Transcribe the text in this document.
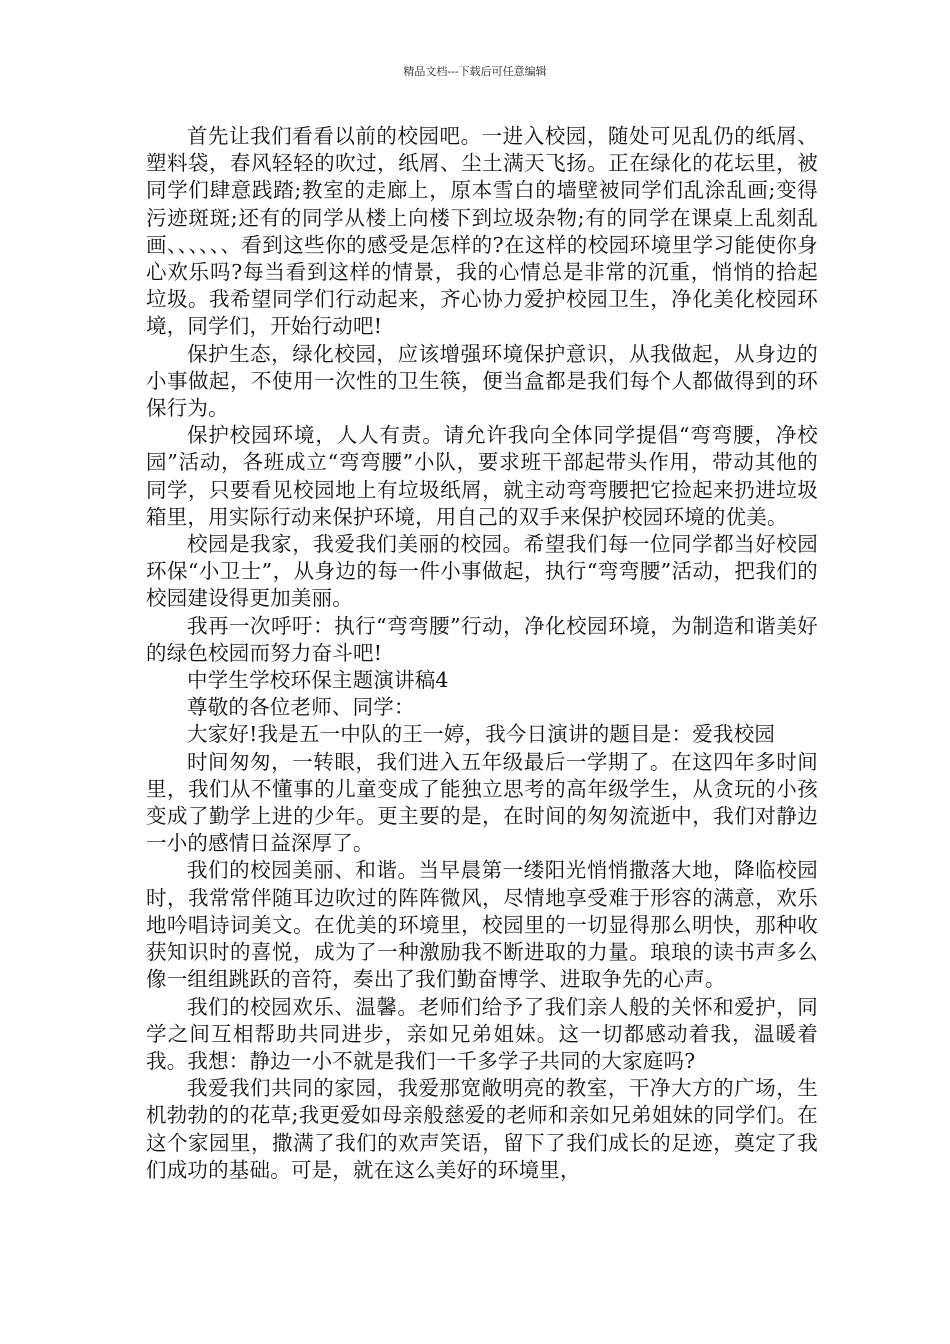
精品文档---下载后可任意编辑

首先让我们看看以前的校园吧。一进入校园，随处可见乱仍的纸屑、塑料袋，春风轻轻的吹过，纸屑、尘土满天飞扬。正在绿化的花坛里，被同学们肆意践踏;教室的走廊上，原本雪白的墙壁被同学们乱涂乱画;变得污迹斑斑;还有的同学从楼上向楼下到垃圾杂物;有的同学在课桌上乱刻乱画、、、、、、看到这些你的感受是怎样的?在这样的校园环境里学习能使你身心欢乐吗?每当看到这样的情景，我的心情总是非常的沉重，悄悄的拾起垃圾。我希望同学们行动起来，齐心协力爱护校园卫生，净化美化校园环境，同学们，开始行动吧!

保护生态，绿化校园，应该增强环境保护意识，从我做起，从身边的小事做起，不使用一次性的卫生筷，便当盒都是我们每个人都做得到的环保行为。

保护校园环境，人人有责。请允许我向全体同学提倡“弯弯腰，净校园”活动，各班成立“弯弯腰”小队，要求班干部起带头作用，带动其他的同学，只要看见校园地上有垃圾纸屑，就主动弯弯腰把它捡起来扔进垃圾箱里，用实际行动来保护环境，用自己的双手来保护校园环境的优美。

校园是我家，我爱我们美丽的校园。希望我们每一位同学都当好校园环保“小卫士”，从身边的每一件小事做起，执行“弯弯腰”活动，把我们的校园建设得更加美丽。

我再一次呼吁：执行“弯弯腰”行动，净化校园环境，为制造和谐美好的绿色校园而努力奋斗吧!

中学生学校环保主题演讲稿4

尊敬的各位老师、同学：

大家好!我是五一中队的王一婷，我今日演讲的题目是：爱我校园

时间匆匆，一转眼，我们进入五年级最后一学期了。在这四年多时间里，我们从不懂事的儿童变成了能独立思考的高年级学生，从贪玩的小孩变成了勤学上进的少年。更主要的是，在时间的匆匆流逝中，我们对静边一小的感情日益深厚了。

我们的校园美丽、和谐。当早晨第一缕阳光悄悄撒落大地，降临校园时，我常常伴随耳边吹过的阵阵微风，尽情地享受难于形容的满意，欢乐地吟唱诗词美文。在优美的环境里，校园里的一切显得那么明快，那种收获知识时的喜悦，成为了一种激励我不断进取的力量。琅琅的读书声多么像一组组跳跃的音符，奏出了我们勤奋博学、进取争先的心声。

我们的校园欢乐、温馨。老师们给予了我们亲人般的关怀和爱护，同学之间互相帮助共同进步，亲如兄弟姐妹。这一切都感动着我，温暖着我。我想：静边一小不就是我们一千多学子共同的大家庭吗?

我爱我们共同的家园，我爱那宽敞明亮的教室，干净大方的广场，生机勃勃的的花草;我更爱如母亲般慈爱的老师和亲如兄弟姐妹的同学们。在这个家园里，撒满了我们的欢声笑语，留下了我们成长的足迹，奠定了我们成功的基础。可是，就在这么美好的环境里，
